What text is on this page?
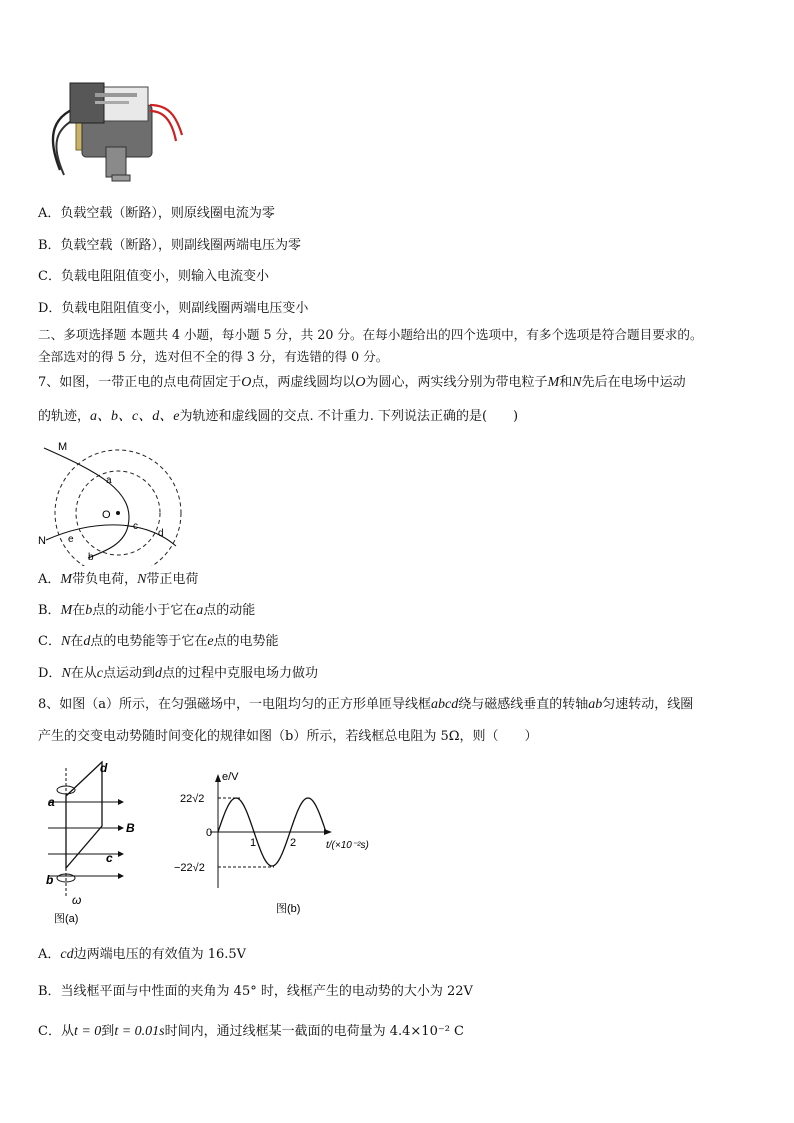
A．负载空载（断路），则原线圈电流为零
B．负载空载（断路），则副线圈两端电压为零
C．负载电阻阻值变小，则输入电流变小
D．负载电阻阻值变小，则副线圈两端电压变小
二、多项选择题 本题共 4 小题，每小题 5 分，共 20 分。在每小题给出的四个选项中，有多个选项是符合题目要求的。
全部选对的得 5 分，选对但不全的得 3 分，有选错的得 0 分。
7、如图，一带正电的点电荷固定于O点，两虚线圆均以O为圆心，两实线分别为带电粒子M和N先后在电场中运动
的轨迹，a、b、c、d、e为轨迹和虚线圆的交点. 不计重力. 下列说法正确的是(　　)
M
N
O
a
b
c
d
e
A．M带负电荷，N带正电荷
B．M在b点的动能小于它在a点的动能
C．N在d点的电势能等于它在e点的电势能
D．N在从c点运动到d点的过程中克服电场力做功
8、如图（a）所示，在匀强磁场中，一电阻均匀的正方形单匝导线框abcd绕与磁感线垂直的转轴ab匀速转动，线圈
产生的交变电动势随时间变化的规律如图（b）所示，若线框总电阻为 5Ω，则（　　）
a
b
c
d
B
ω
图(a)
e/V
22√2
0
−22√2
1	2	t/(×10⁻²s)
图(b)
A．cd边两端电压的有效值为 16.5V
B．当线框平面与中性面的夹角为 45° 时，线框产生的电动势的大小为 22V
C．从t = 0到t = 0.01s时间内，通过线框某一截面的电荷量为 4.4×10⁻² C
